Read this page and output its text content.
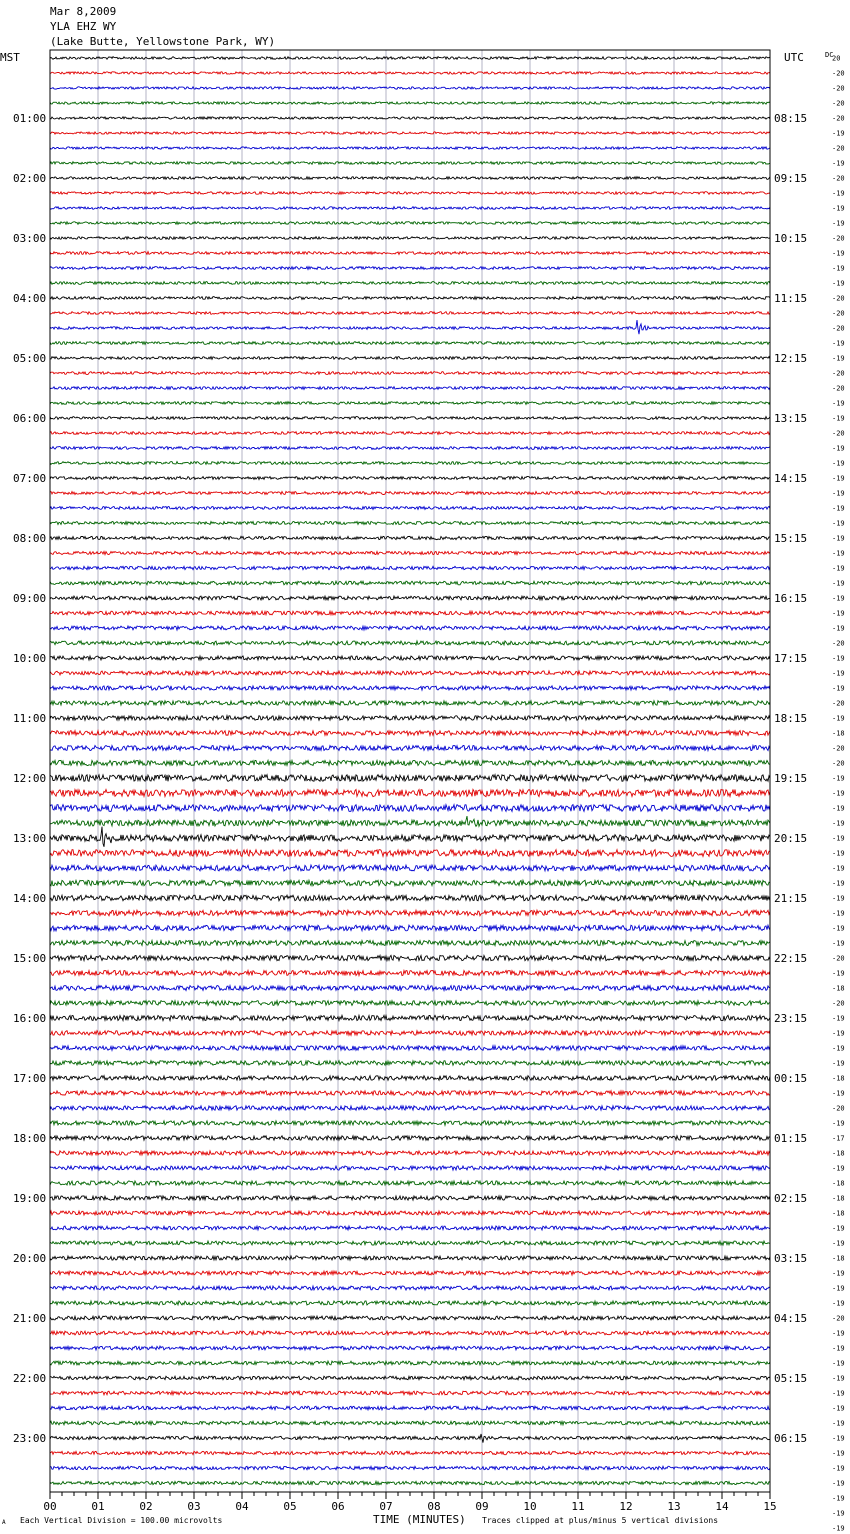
Mar 8,2009
YLA EHZ WY
(Lake Butte, Yellowstone Park, WY)
MST	UTC	DC
01:00
02:00
03:00
04:00
05:00
06:00
07:00
08:00
09:00
10:00
11:00
12:00
13:00
14:00
15:00
16:00
17:00
18:00
19:00
20:00
21:00
22:00
23:00
08:15
09:15
10:15
11:15
12:15
13:15
14:15
15:15
16:15
17:15
18:15
19:15
20:15
21:15
22:15
23:15
00:15
01:15
02:15
03:15
04:15
05:15
06:15
20
-20
-20
-20
-20
-19
-20
-19
-20
-19
-19
-19
-20
-19
-19
-19
-20
-20
-20
-19
-19
-20
-20
-19
-19
-20
-19
-19
-19
-19
-19
-19
-19
-19
-19
-19
-19
-19
-19
-20
-19
-19
-19
-20
-19
-18
-20
-20
-19
-19
-19
-19
-19
-19
-19
-19
-19
-19
-19
-19
-20
-19
-18
-20
-19
-19
-19
-19
-18
-19
-20
-19
-17
-18
-19
-18
-18
-18
-19
-19
-18
-19
-19
-19
-20
-19
-19
-19
-19
-19
-19
-19
-19
-19
-19
-19
-19
-19
-19
00	01	02	03	04	05	06	07	08	09	10	11	12	13	14	15
A Each Vertical Division = 100.00 microvolts	TIME (MINUTES) Traces clipped at plus/minus 5 vertical divisions
